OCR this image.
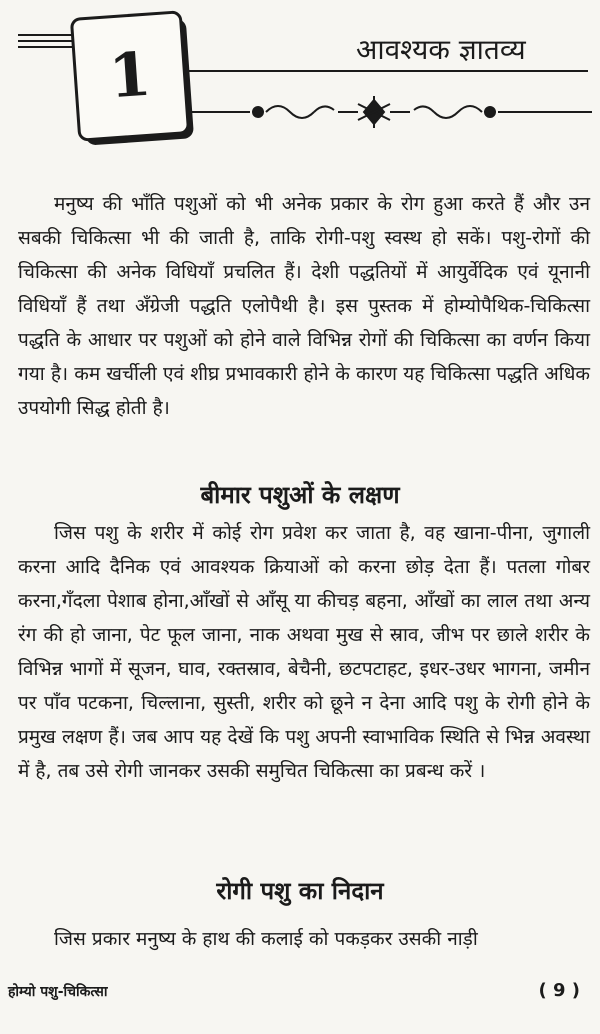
1	आवश्यक ज्ञातव्य

मनुष्य की भाँति पशुओं को भी अनेक प्रकार के रोग हुआ करते हैं और उन सबकी चिकित्सा भी की जाती है, ताकि रोगी-पशु स्वस्थ हो सकें। पशु-रोगों की चिकित्सा की अनेक विधियाँ प्रचलित हैं। देशी पद्धतियों में आयुर्वेदिक एवं यूनानी विधियाँ हैं तथा अँग्रेजी पद्धति एलोपैथी है। इस पुस्तक में होम्योपैथिक-चिकित्सा पद्धति के आधार पर पशुओं को होने वाले विभिन्न रोगों की चिकित्सा का वर्णन किया गया है। कम खर्चीली एवं शीघ्र प्रभावकारी होने के कारण यह चिकित्सा पद्धति अधिक उपयोगी सिद्ध होती है।

बीमार पशुओं के लक्षण

जिस पशु के शरीर में कोई रोग प्रवेश कर जाता है, वह खाना-पीना, जुगाली करना आदि दैनिक एवं आवश्यक क्रियाओं को करना छोड़ देता हैं। पतला गोबर करना,गँदला पेशाब होना,आँखों से आँसू या कीचड़ बहना, आँखों का लाल तथा अन्य रंग की हो जाना, पेट फूल जाना, नाक अथवा मुख से स्राव, जीभ पर छाले शरीर के विभिन्न भागों में सूजन, घाव, रक्तस्राव, बेचैनी, छटपटाहट, इधर-उधर भागना, जमीन पर पाँव पटकना, चिल्लाना, सुस्ती, शरीर को छूने न देना आदि पशु के रोगी होने के प्रमुख लक्षण हैं। जब आप यह देखें कि पशु अपनी स्वाभाविक स्थिति से भिन्न अवस्था में है, तब उसे रोगी जानकर उसकी समुचित चिकित्सा का प्रबन्ध करें ।

रोगी पशु का निदान

जिस प्रकार मनुष्य के हाथ की कलाई को पकड़कर उसकी नाड़ी

होम्यो पशु-चिकित्सा	( 9 )
